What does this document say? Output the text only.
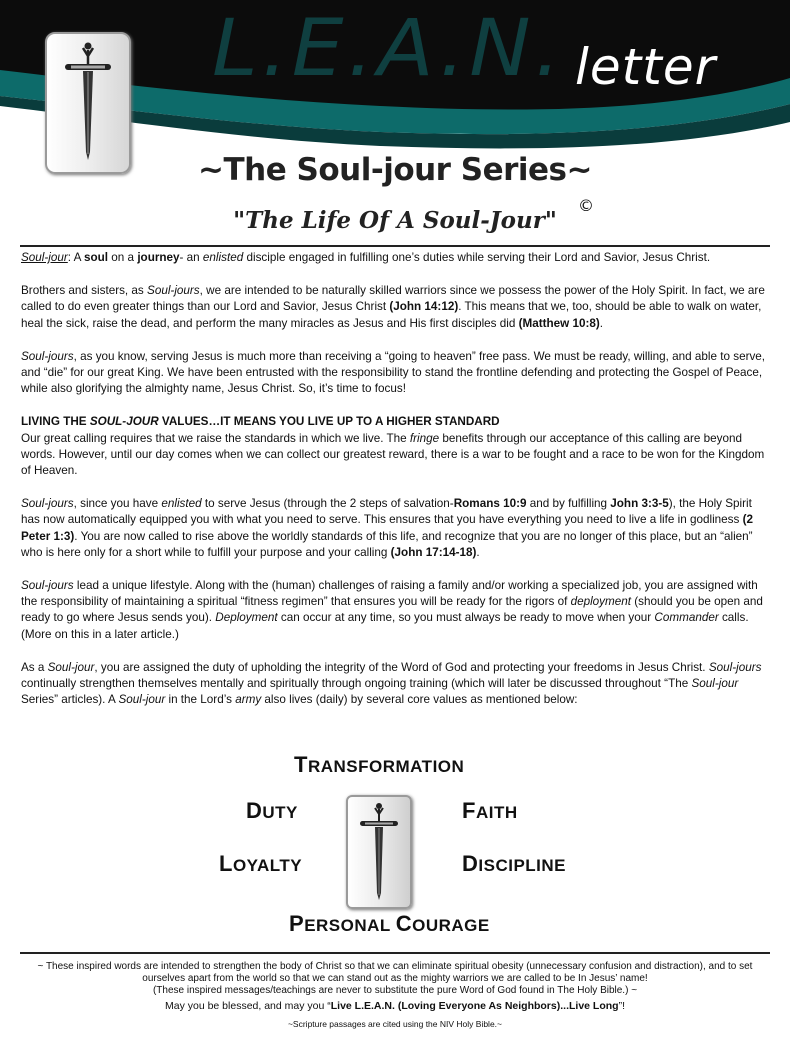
L.E.A.N. letter
~The Soul-jour Series~
"The Life Of A Soul-Jour"
©

Soul-jour: A soul on a journey- an enlisted disciple engaged in fulfilling one’s duties while serving their Lord and Savior, Jesus Christ.

Brothers and sisters, as Soul-jours, we are intended to be naturally skilled warriors since we possess the power of the Holy Spirit. In fact, we are called to do even greater things than our Lord and Savior, Jesus Christ (John 14:12). This means that we, too, should be able to walk on water, heal the sick, raise the dead, and perform the many miracles as Jesus and His first disciples did (Matthew 10:8).

Soul-jours, as you know, serving Jesus is much more than receiving a “going to heaven” free pass. We must be ready, willing, and able to serve, and “die” for our great King. We have been entrusted with the responsibility to stand the frontline defending and protecting the Gospel of Peace, while also glorifying the almighty name, Jesus Christ. So, it’s time to focus!

LIVING THE SOUL-JOUR VALUES…IT MEANS YOU LIVE UP TO A HIGHER STANDARD
Our great calling requires that we raise the standards in which we live. The fringe benefits through our acceptance of this calling are beyond words. However, until our day comes when we can collect our greatest reward, there is a war to be fought and a race to be won for the Kingdom of Heaven.

Soul-jours, since you have enlisted to serve Jesus (through the 2 steps of salvation-Romans 10:9 and by fulfilling John 3:3-5), the Holy Spirit has now automatically equipped you with what you need to serve. This ensures that you have everything you need to live a life in godliness (2 Peter 1:3). You are now called to rise above the worldly standards of this life, and recognize that you are no longer of this place, but an “alien” who is here only for a short while to fulfill your purpose and your calling (John 17:14-18).

Soul-jours lead a unique lifestyle. Along with the (human) challenges of raising a family and/or working a specialized job, you are assigned with the responsibility of maintaining a spiritual “fitness regimen” that ensures you will be ready for the rigors of deployment (should you be open and ready to go where Jesus sends you). Deployment can occur at any time, so you must always be ready to move when your Commander calls. (More on this in a later article.)

As a Soul-jour, you are assigned the duty of upholding the integrity of the Word of God and protecting your freedoms in Jesus Christ. Soul-jours continually strengthen themselves mentally and spiritually through ongoing training (which will later be discussed throughout “The Soul-jour Series” articles). A Soul-jour in the Lord’s army also lives (daily) by several core values as mentioned below:

TRANSFORMATION
DUTY	FAITH
LOYALTY	DISCIPLINE
PERSONAL COURAGE

~ These inspired words are intended to strengthen the body of Christ so that we can eliminate spiritual obesity (unnecessary confusion and distraction), and to set ourselves apart from the world so that we can stand out as the mighty warriors we are called to be In Jesus’ name!

(These inspired messages/teachings are never to substitute the pure Word of God found in The Holy Bible.) ~

May you be blessed, and may you “Live L.E.A.N. (Loving Everyone As Neighbors)...Live Long”!

~Scripture passages are cited using the NIV Holy Bible.~
